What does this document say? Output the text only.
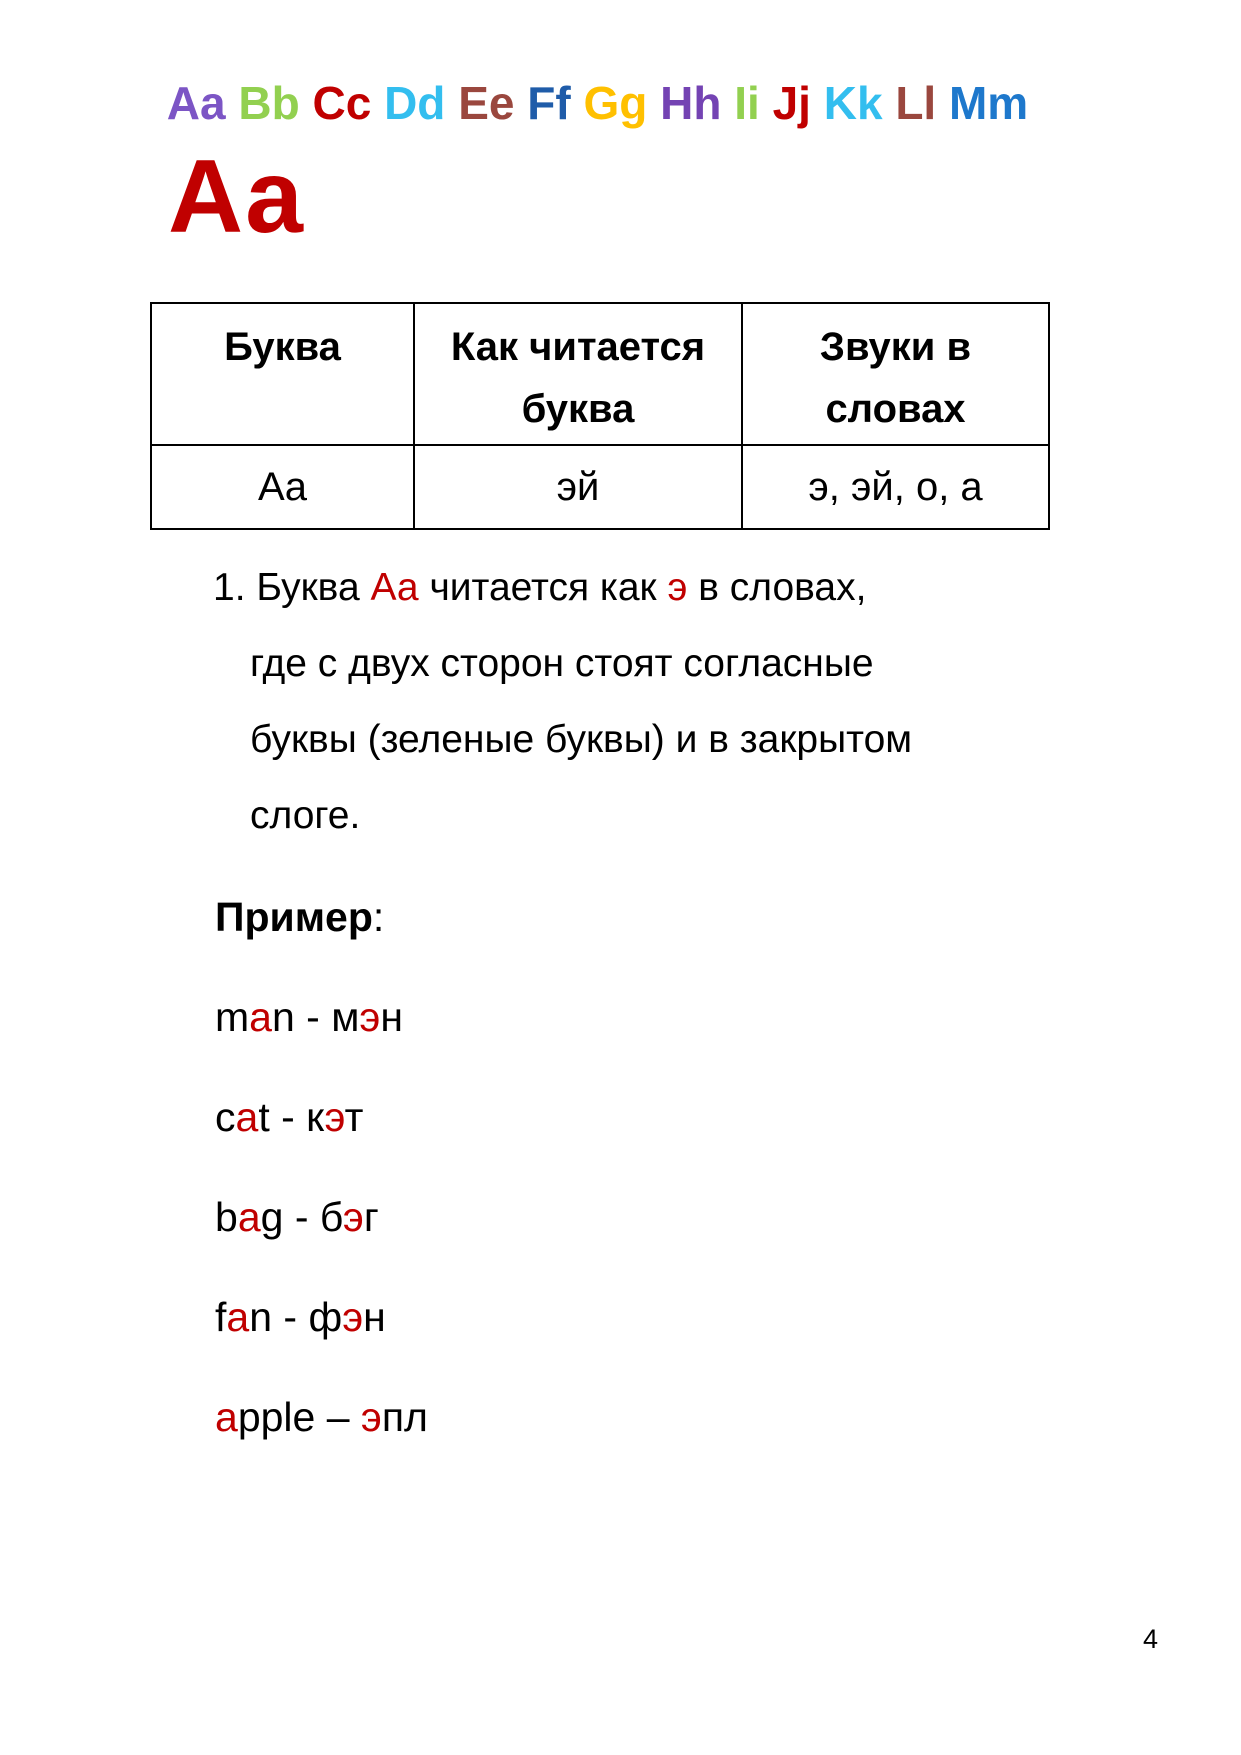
Aa Bb Cc Dd Ee Ff Gg Hh Ii Jj Kk Ll Mm
Aa
Буква	Как читается буква	Звуки в словах
Aa	эй	э, эй, о, а
1. Буква Аа читается как э в словах,
где с двух сторон стоят согласные
буквы (зеленые буквы) и в закрытом
слоге.
Пример:
man - мэн
cat - кэт
bag - бэг
fan - фэн
apple – эпл
4
